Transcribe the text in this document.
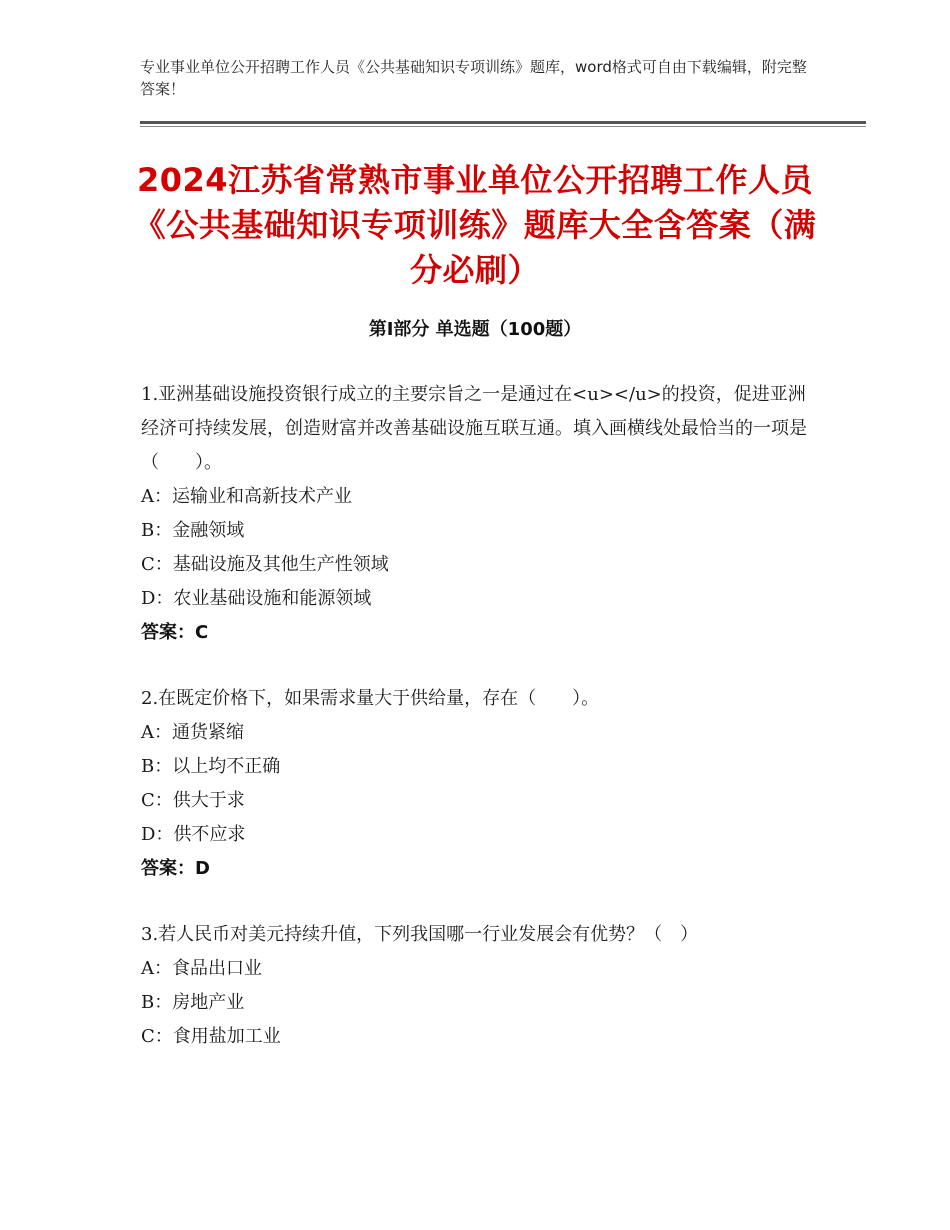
专业事业单位公开招聘工作人员《公共基础知识专项训练》题库，word格式可自由下载编辑，附完整答案！
2024江苏省常熟市事业单位公开招聘工作人员《公共基础知识专项训练》题库大全含答案（满分必刷）
第Ⅰ部分 单选题（100题）
1.亚洲基础设施投资银行成立的主要宗旨之一是通过在<u></u>的投资，促进亚洲经济可持续发展，创造财富并改善基础设施互联互通。填入画横线处最恰当的一项是（　　）。
A：运输业和高新技术产业
B：金融领域
C：基础设施及其他生产性领域
D：农业基础设施和能源领域
答案：C
2.在既定价格下，如果需求量大于供给量，存在（　　）。
A：通货紧缩
B：以上均不正确
C：供大于求
D：供不应求
答案：D
3.若人民币对美元持续升值，下列我国哪一行业发展会有优势？（　）
A：食品出口业
B：房地产业
C：食用盐加工业
